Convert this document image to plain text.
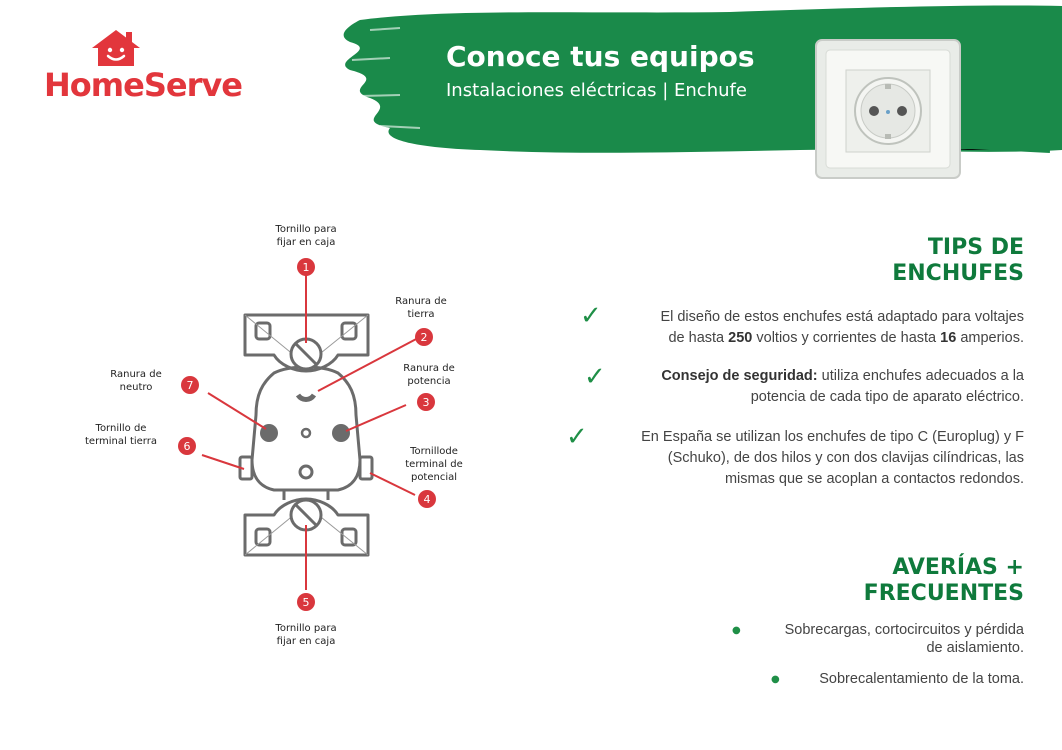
HomeServe
Conoce tus equipos
Instalaciones eléctricas | Enchufe
1
2
3
4
5
6
7
Tornillo para fijar en caja
Ranura de tierra
Ranura de potencia
Tornillode terminal de potencial
Tornillo para fijar en caja
Tornillo de terminal tierra
Ranura de neutro
TIPS DE
ENCHUFES
✓	El diseño de estos enchufes está adaptado para voltajes
de hasta 250 voltios y corrientes de hasta 16 amperios.
✓	Consejo de seguridad: utiliza enchufes adecuados a la
potencia de cada tipo de aparato eléctrico.
✓	En España se utilizan los enchufes de tipo C (Europlug) y F
(Schuko), de dos hilos y con dos clavijas cilíndricas, las
mismas que se acoplan a contactos redondos.
AVERÍAS +
FRECUENTES
●	Sobrecargas, cortocircuitos y pérdida
de aislamiento.
●	Sobrecalentamiento de la toma.
